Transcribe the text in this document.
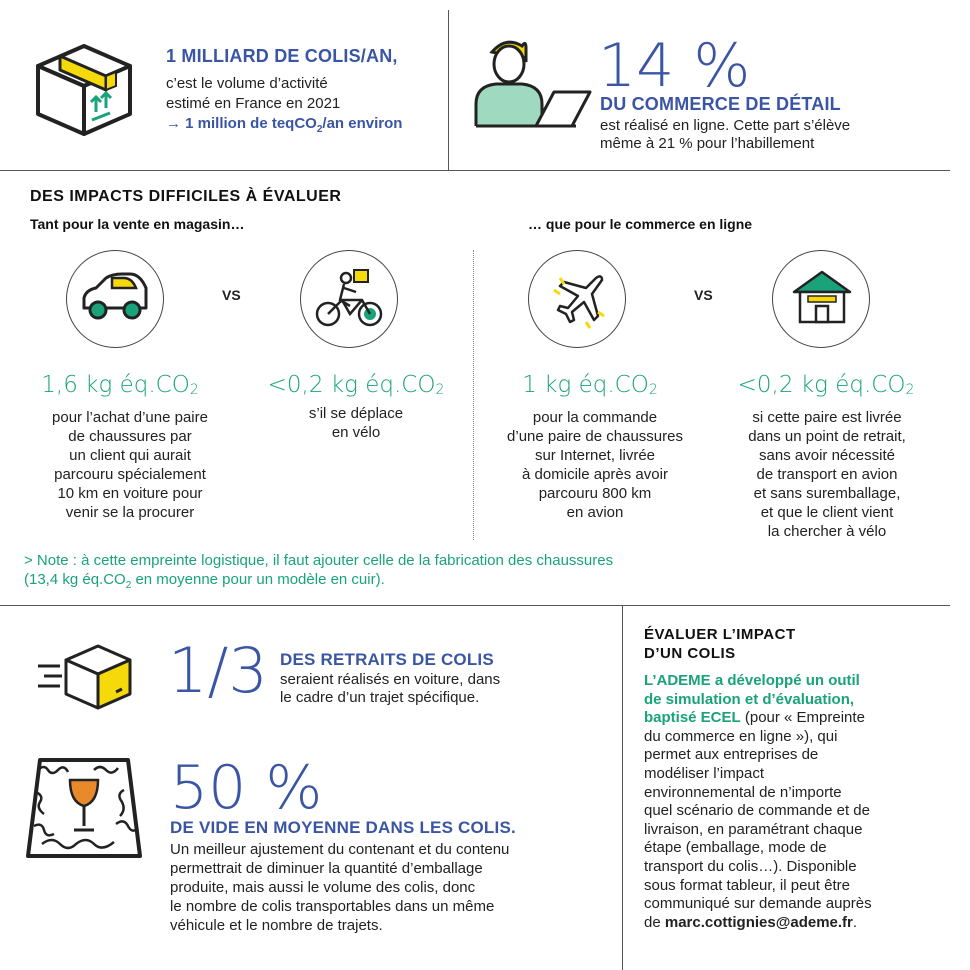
1 MILLIARD DE COLIS/AN,
c’est le volume d’activité
estimé en France en 2021
→ 1 million de teqCO$_2$/an environ
14 %
DU COMMERCE DE DÉTAIL
est réalisé en ligne. Cette part s’élève
même à 21 % pour l’habillement
DES IMPACTS DIFFICILES À ÉVALUER
Tant pour la vente en magasin…	… que pour le commerce en ligne
VS	VS
1,6 kg $éq.CO_2$	<0,2 kg $éq.CO_2$	1 kg $éq.CO_2$	<0,2 kg $éq.CO_2$
pour l’achat d’une paire
de chaussures par
un client qui aurait
parcouru spécialement
10 km en voiture pour
venir se la procurer
s’il se déplace
en vélo
pour la commande
d’une paire de chaussures
sur Internet, livrée
à domicile après avoir
parcouru 800 km
en avion
si cette paire est livrée
dans un point de retrait,
sans avoir nécessité
de transport en avion
et sans suremballage,
et que le client vient
la chercher à vélo
> Note : à cette empreinte logistique, il faut ajouter celle de la fabrication des chaussures
(13,4 kg $éq.CO_2$ en moyenne pour un modèle en cuir).
1/3 DES RETRAITS DE COLIS
seraient réalisés en voiture, dans
le cadre d’un trajet spécifique.
50 %
DE VIDE EN MOYENNE DANS LES COLIS.
Un meilleur ajustement du contenant et du contenu
permettrait de diminuer la quantité d’emballage
produite, mais aussi le volume des colis, donc
le nombre de colis transportables dans un même
véhicule et le nombre de trajets.
ÉVALUER L’IMPACT
D’UN COLIS
L’ADEME a développé un outil
de simulation et d’évaluation,
baptisé ECEL (pour « Empreinte
du commerce en ligne »), qui
permet aux entreprises de
modéliser l’impact
environnemental de n’importe
quel scénario de commande et de
livraison, en paramétrant chaque
étape (emballage, mode de
transport du colis…). Disponible
sous format tableur, il peut être
communiqué sur demande auprès
de marc.cottignies@ademe.fr.
